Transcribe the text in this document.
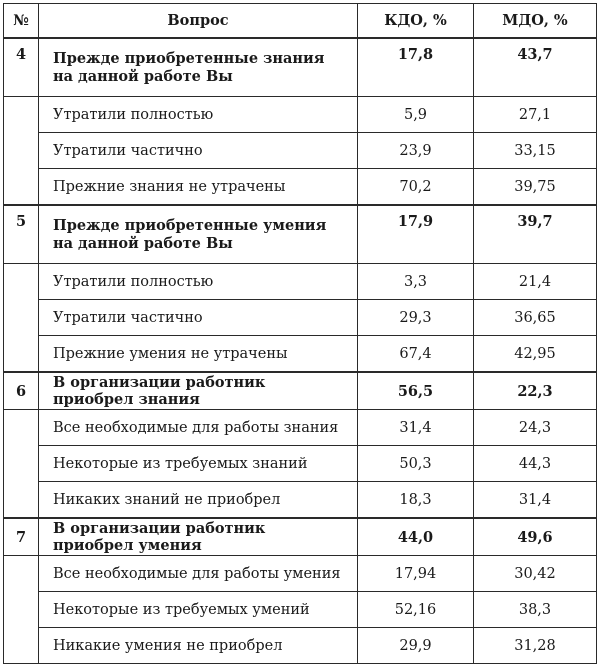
№	Вопрос	КДО, %	МДО, %
4	Прежде приобретенные знания на данной работе Вы	17,8	43,7
	Утратили полностью	5,9	27,1
	Утратили частично	23,9	33,15
	Прежние знания не утрачены	70,2	39,75
5	Прежде приобретенные умения на данной работе Вы	17,9	39,7
	Утратили полностью	3,3	21,4
	Утратили частично	29,3	36,65
	Прежние умения не утрачены	67,4	42,95
6	В организации работник приобрел знания	56,5	22,3
	Все необходимые для работы знания	31,4	24,3
	Некоторые из требуемых знаний	50,3	44,3
	Никаких знаний не приобрел	18,3	31,4
7	В организации работник приобрел умения	44,0	49,6
	Все необходимые для работы умения	17,94	30,42
	Некоторые из требуемых умений	52,16	38,3
	Никакие умения не приобрел	29,9	31,28
